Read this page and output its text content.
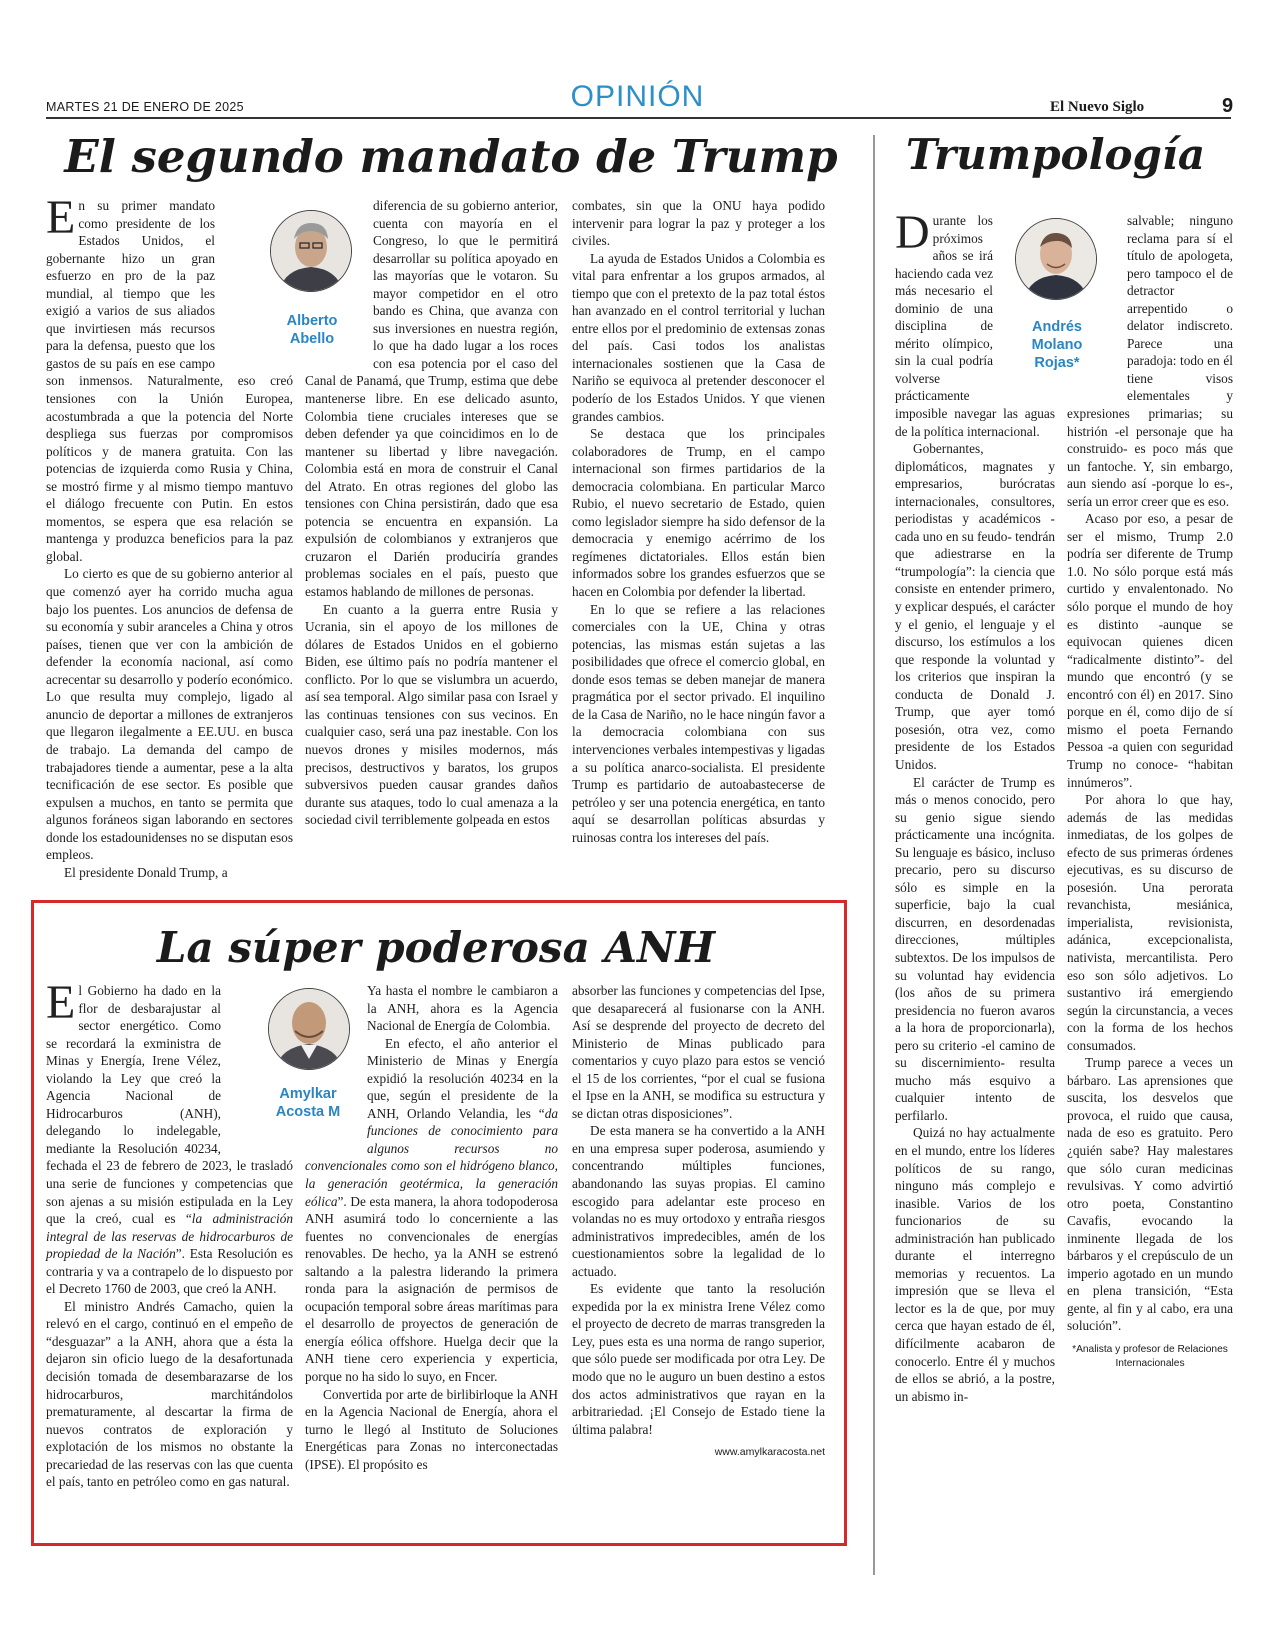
OPINIÓN
MARTES 21 DE ENERO DE 2025	El Nuevo Siglo	9
El segundo mandato de Trump
Alberto
Abello

En su primer mandato como presidente de los Estados Unidos, el gobernante hizo un gran esfuerzo en pro de la paz mundial, al tiempo que les exigió a varios de sus aliados que invirtiesen más recursos para la defensa, puesto que los gastos de su país en ese campo son inmensos. Naturalmente, eso creó tensiones con la Unión Europea, acostumbrada a que la potencia del Norte despliega sus fuerzas por compromisos políticos y de manera gratuita. Con las potencias de izquierda como Rusia y China, se mostró firme y al mismo tiempo mantuvo el diálogo frecuente con Putin. En estos momentos, se espera que esa relación se mantenga y produzca beneficios para la paz global.

Lo cierto es que de su gobierno anterior al que comenzó ayer ha corrido mucha agua bajo los puentes. Los anuncios de defensa de su economía y subir aranceles a China y otros países, tienen que ver con la ambición de defender la economía nacional, así como acrecentar su desarrollo y poderío económico. Lo que resulta muy complejo, ligado al anuncio de deportar a millones de extranjeros que llegaron ilegalmente a EE.UU. en busca de trabajo. La demanda del campo de trabajadores tiende a aumentar, pese a la alta tecnificación de ese sector. Es posible que expulsen a muchos, en tanto se permita que algunos foráneos sigan laborando en sectores donde los estadounidenses no se disputan esos empleos.

El presidente Donald Trump, a

diferencia de su gobierno anterior, cuenta con mayoría en el Congreso, lo que le permitirá desarrollar su política apoyado en las mayorías que le votaron. Su mayor competidor en el otro bando es China, que avanza con sus inversiones en nuestra región, lo que ha dado lugar a los roces con esa potencia por el caso del Canal de Panamá, que Trump, estima que debe mantenerse libre. En ese delicado asunto, Colombia tiene cruciales intereses que se deben defender ya que coincidimos en lo de mantener su libertad y libre navegación. Colombia está en mora de construir el Canal del Atrato. En otras regiones del globo las tensiones con China persistirán, dado que esa potencia se encuentra en expansión. La expulsión de colombianos y extranjeros que cruzaron el Darién produciría grandes problemas sociales en el país, puesto que estamos hablando de millones de personas.

En cuanto a la guerra entre Rusia y Ucrania, sin el apoyo de los millones de dólares de Estados Unidos en el gobierno Biden, ese último país no podría mantener el conflicto. Por lo que se vislumbra un acuerdo, así sea temporal. Algo similar pasa con Israel y las continuas tensiones con sus vecinos. En cualquier caso, será una paz inestable. Con los nuevos drones y misiles modernos, más precisos, destructivos y baratos, los grupos subversivos pueden causar grandes daños durante sus ataques, todo lo cual amenaza a la sociedad civil terriblemente golpeada en estos

combates, sin que la ONU haya podido intervenir para lograr la paz y proteger a los civiles.

La ayuda de Estados Unidos a Colombia es vital para enfrentar a los grupos armados, al tiempo que con el pretexto de la paz total éstos han avanzado en el control territorial y luchan entre ellos por el predominio de extensas zonas del país. Casi todos los analistas internacionales sostienen que la Casa de Nariño se equivoca al pretender desconocer el poderío de los Estados Unidos. Y que vienen grandes cambios.

Se destaca que los principales colaboradores de Trump, en el campo internacional son firmes partidarios de la democracia colombiana. En particular Marco Rubio, el nuevo secretario de Estado, quien como legislador siempre ha sido defensor de la democracia y enemigo acérrimo de los regímenes dictatoriales. Ellos están bien informados sobre los grandes esfuerzos que se hacen en Colombia por defender la libertad.

En lo que se refiere a las relaciones comerciales con la UE, China y otras potencias, las mismas están sujetas a las posibilidades que ofrece el comercio global, en donde esos temas se deben manejar de manera pragmática por el sector privado. El inquilino de la Casa de Nariño, no le hace ningún favor a la democracia colombiana con sus intervenciones verbales intempestivas y ligadas a su política anarco-socialista. El presidente Trump es partidario de autoabastecerse de petróleo y ser una potencia energética, en tanto aquí se desarrollan políticas absurdas y ruinosas contra los intereses del país.

La súper poderosa ANH
Amylkar
Acosta M

El Gobierno ha dado en la flor de desbarajustar al sector energético. Como se recordará la exministra de Minas y Energía, Irene Vélez, violando la Ley que creó la Agencia Nacional de Hidrocarburos (ANH), delegando lo indelegable, mediante la Resolución 40234, fechada el 23 de febrero de 2023, le trasladó una serie de funciones y competencias que son ajenas a su misión estipulada en la Ley que la creó, cual es “la administración integral de las reservas de hidrocarburos de propiedad de la Nación”. Esta Resolución es contraria y va a contrapelo de lo dispuesto por el Decreto 1760 de 2003, que creó la ANH.

El ministro Andrés Camacho, quien la relevó en el cargo, continuó en el empeño de “desguazar” a la ANH, ahora que a ésta la dejaron sin oficio luego de la desafortunada decisión tomada de desembarazarse de los hidrocarburos, marchitándolos prematuramente, al descartar la firma de nuevos contratos de exploración y explotación de los mismos no obstante la precariedad de las reservas con las que cuenta el país, tanto en petróleo como en gas natural.

Ya hasta el nombre le cambiaron a la ANH, ahora es la Agencia Nacional de Energía de Colombia.

En efecto, el año anterior el Ministerio de Minas y Energía expidió la resolución 40234 en la que, según el presidente de la ANH, Orlando Velandia, les “da funciones de conocimiento para algunos recursos no convencionales como son el hidrógeno blanco, la generación geotérmica, la generación eólica”. De esta manera, la ahora todopoderosa ANH asumirá todo lo concerniente a las fuentes no convencionales de energías renovables. De hecho, ya la ANH se estrenó saltando a la palestra liderando la primera ronda para la asignación de permisos de ocupación temporal sobre áreas marítimas para el desarrollo de proyectos de generación de energía eólica offshore. Huelga decir que la ANH tiene cero experiencia y experticia, porque no ha sido lo suyo, en Fncer.

Convertida por arte de birlibirloque la ANH en la Agencia Nacional de Energía, ahora el turno le llegó al Instituto de Soluciones Energéticas para Zonas no interconectadas (IPSE). El propósito es

absorber las funciones y competencias del Ipse, que desaparecerá al fusionarse con la ANH. Así se desprende del proyecto de decreto del Ministerio de Minas publicado para comentarios y cuyo plazo para estos se venció el 15 de los corrientes, “por el cual se fusiona el Ipse en la ANH, se modifica su estructura y se dictan otras disposiciones”.

De esta manera se ha convertido a la ANH en una empresa super poderosa, asumiendo y concentrando múltiples funciones, abandonando las suyas propias. El camino escogido para adelantar este proceso en volandas no es muy ortodoxo y entraña riesgos administrativos impredecibles, amén de los cuestionamientos sobre la legalidad de lo actuado.

Es evidente que tanto la resolución expedida por la ex ministra Irene Vélez como el proyecto de decreto de marras transgreden la Ley, pues esta es una norma de rango superior, que sólo puede ser modificada por otra Ley. De modo que no le auguro un buen destino a estos dos actos administrativos que rayan en la arbitrariedad. ¡El Consejo de Estado tiene la última palabra!

www.amylkaracosta.net
Trumpología
Andrés
Molano
Rojas*

Durante los próximos años se irá haciendo cada vez más necesario el dominio de una disciplina de mérito olímpico, sin la cual podría volverse prácticamente imposible navegar las aguas de la política internacional.

Gobernantes, diplomáticos, magnates y empresarios, burócratas internacionales, consultores, periodistas y académicos -cada uno en su feudo- tendrán que adiestrarse en la “trumpología”: la ciencia que consiste en entender primero, y explicar después, el carácter y el genio, el lenguaje y el discurso, los estímulos a los que responde la voluntad y los criterios que inspiran la conducta de Donald J. Trump, que ayer tomó posesión, otra vez, como presidente de los Estados Unidos.

El carácter de Trump es más o menos conocido, pero su genio sigue siendo prácticamente una incógnita. Su lenguaje es básico, incluso precario, pero su discurso sólo es simple en la superficie, bajo la cual discurren, en desordenadas direcciones, múltiples subtextos. De los impulsos de su voluntad hay evidencia (los años de su primera presidencia no fueron avaros a la hora de proporcionarla), pero su criterio -el camino de su discernimiento- resulta mucho más esquivo a cualquier intento de perfilarlo.

Quizá no hay actualmente en el mundo, entre los líderes políticos de su rango, ninguno más complejo e inasible. Varios de los funcionarios de su administración han publicado durante el interregno memorias y recuentos. La impresión que se lleva el lector es la de que, por muy cerca que hayan estado de él, difícilmente acabaron de conocerlo. Entre él y muchos de ellos se abrió, a la postre, un abismo in-

salvable; ninguno reclama para sí el título de apologeta, pero tampoco el de detractor arrepentido o delator indiscreto. Parece una paradoja: todo en él tiene visos elementales y expresiones primarias; su histrión -el personaje que ha construido- es poco más que un fantoche. Y, sin embargo, aun siendo así -porque lo es-, sería un error creer que es eso.

Acaso por eso, a pesar de ser el mismo, Trump 2.0 podría ser diferente de Trump 1.0. No sólo porque está más curtido y envalentonado. No sólo porque el mundo de hoy es distinto -aunque se equivocan quienes dicen “radicalmente distinto”- del mundo que encontró (y se encontró con él) en 2017. Sino porque en él, como dijo de sí mismo el poeta Fernando Pessoa -a quien con seguridad Trump no conoce- “habitan innúmeros”.

Por ahora lo que hay, además de las medidas inmediatas, de los golpes de efecto de sus primeras órdenes ejecutivas, es su discurso de posesión. Una perorata revanchista, mesiánica, imperialista, revisionista, adánica, excepcionalista, nativista, mercantilista. Pero eso son sólo adjetivos. Lo sustantivo irá emergiendo según la circunstancia, a veces con la forma de los hechos consumados.

Trump parece a veces un bárbaro. Las aprensiones que suscita, los desvelos que provoca, el ruido que causa, nada de eso es gratuito. Pero ¿quién sabe? Hay malestares que sólo curan medicinas revulsivas. Y como advirtió otro poeta, Constantino Cavafis, evocando la inminente llegada de los bárbaros y el crepúsculo de un imperio agotado en un mundo en plena transición, “Esta gente, al fin y al cabo, era una solución”.

*Analista y profesor de Relaciones Internacionales
